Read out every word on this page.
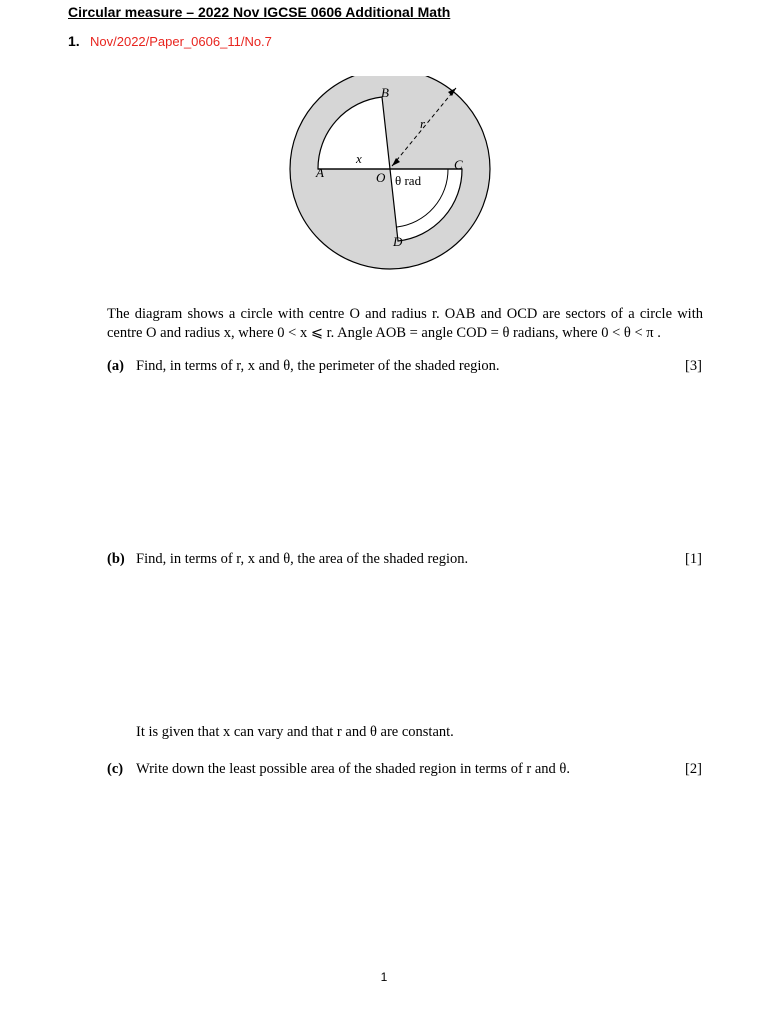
Circular measure – 2022 Nov IGCSE 0606 Additional Math
1. Nov/2022/Paper_0606_11/No.7
B
A
x
O
C
D
r
θ rad
The diagram shows a circle with centre O and radius r. OAB and OCD are sectors of a circle with centre O and radius x, where 0 < x ⩽ r. Angle AOB = angle COD = θ radians, where 0 < θ < π .
(a) Find, in terms of r, x and θ, the perimeter of the shaded region.	[3]
(b) Find, in terms of r, x and θ, the area of the shaded region.	[1]
It is given that x can vary and that r and θ are constant.
(c) Write down the least possible area of the shaded region in terms of r and θ.	[2]
1
